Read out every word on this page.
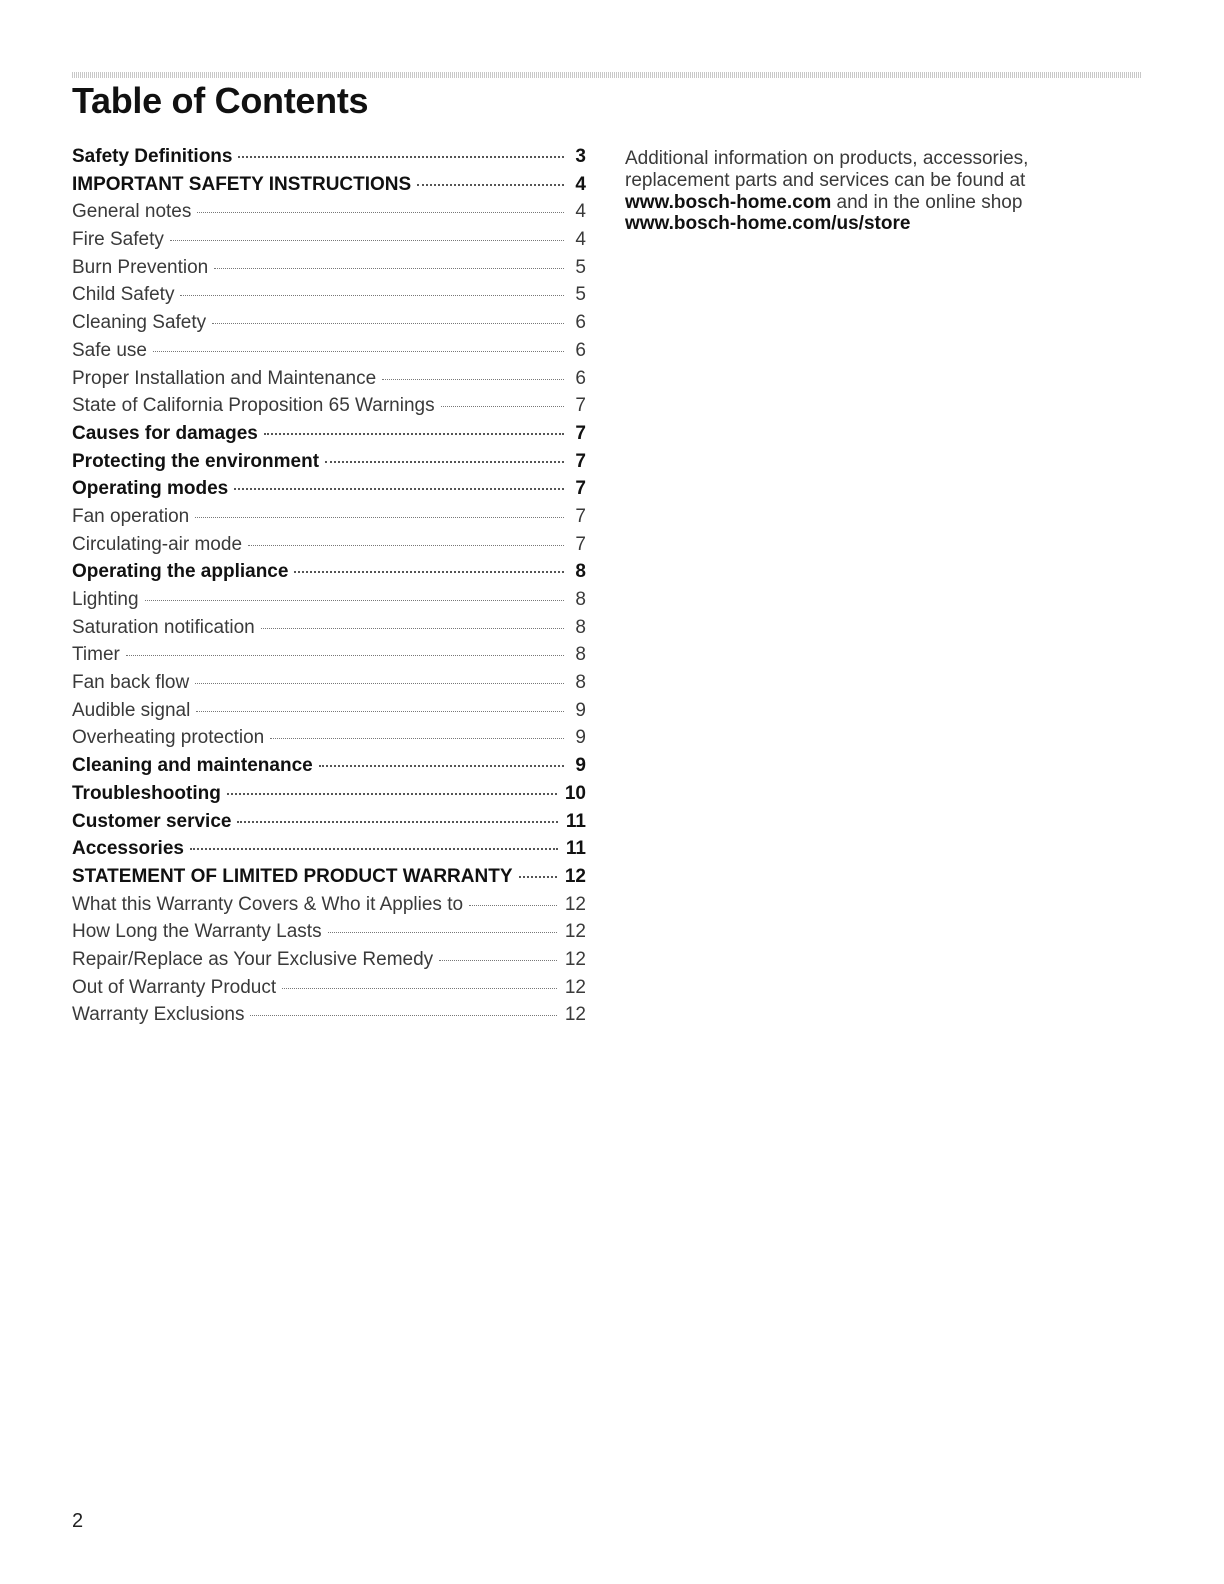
Table of Contents
Safety Definitions	3
IMPORTANT SAFETY INSTRUCTIONS	4
General notes	4
Fire Safety	4
Burn Prevention	5
Child Safety	5
Cleaning Safety	6
Safe use	6
Proper Installation and Maintenance	6
State of California Proposition 65 Warnings	7
Causes for damages	7
Protecting the environment	7
Operating modes	7
Fan operation	7
Circulating-air mode	7
Operating the appliance	8
Lighting	8
Saturation notification	8
Timer	8
Fan back flow	8
Audible signal	9
Overheating protection	9
Cleaning and maintenance	9
Troubleshooting	10
Customer service	11
Accessories	11
STATEMENT OF LIMITED PRODUCT WARRANTY	12
What this Warranty Covers & Who it Applies to	12
How Long the Warranty Lasts	12
Repair/Replace as Your Exclusive Remedy	12
Out of Warranty Product	12
Warranty Exclusions	12

Additional information on products, accessories, replacement parts and services can be found at www.bosch-home.com and in the online shop www.bosch-home.com/us/store

2
